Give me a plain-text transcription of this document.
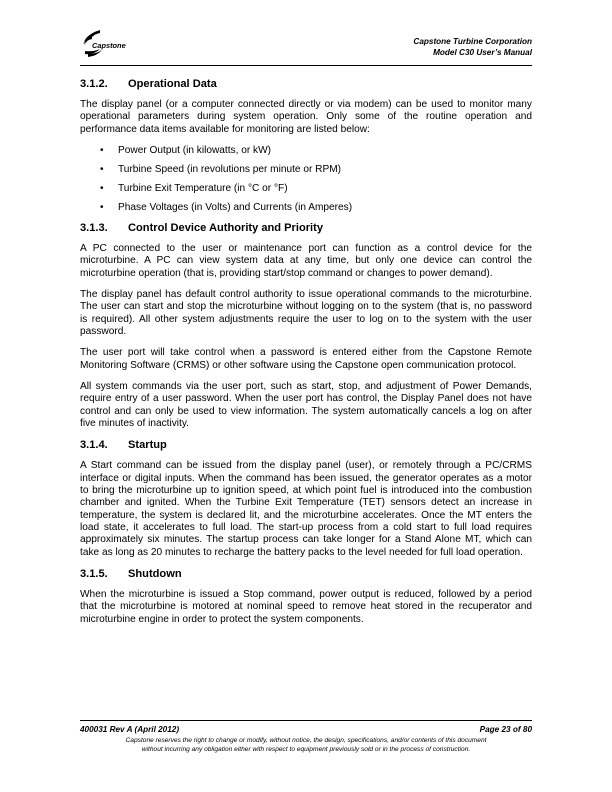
Capstone	Capstone Turbine Corporation
Model C30 User’s Manual
3.1.2. Operational Data

The display panel (or a computer connected directly or via modem) can be used to monitor many operational parameters during system operation. Only some of the routine operation and performance data items available for monitoring are listed below:

• Power Output (in kilowatts, or kW)
• Turbine Speed (in revolutions per minute or RPM)
• Turbine Exit Temperature (in °C or °F)
• Phase Voltages (in Volts) and Currents (in Amperes)
3.1.3. Control Device Authority and Priority

A PC connected to the user or maintenance port can function as a control device for the microturbine. A PC can view system data at any time, but only one device can control the microturbine operation (that is, providing start/stop command or changes to power demand).

The display panel has default control authority to issue operational commands to the microturbine. The user can start and stop the microturbine without logging on to the system (that is, no password is required). All other system adjustments require the user to log on to the system with the user password.

The user port will take control when a password is entered either from the Capstone Remote Monitoring Software (CRMS) or other software using the Capstone open communication protocol.

All system commands via the user port, such as start, stop, and adjustment of Power Demands, require entry of a user password. When the user port has control, the Display Panel does not have control and can only be used to view information. The system automatically cancels a log on after five minutes of inactivity.

3.1.4. Startup

A Start command can be issued from the display panel (user), or remotely through a PC/CRMS interface or digital inputs. When the command has been issued, the generator operates as a motor to bring the microturbine up to ignition speed, at which point fuel is introduced into the combustion chamber and ignited. When the Turbine Exit Temperature (TET) sensors detect an increase in temperature, the system is declared lit, and the microturbine accelerates. Once the MT enters the load state, it accelerates to full load. The start-up process from a cold start to full load requires approximately six minutes. The startup process can take longer for a Stand Alone MT, which can take as long as 20 minutes to recharge the battery packs to the level needed for full load operation.

3.1.5. Shutdown

When the microturbine is issued a Stop command, power output is reduced, followed by a period that the microturbine is motored at nominal speed to remove heat stored in the recuperator and microturbine engine in order to protect the system components.

400031 Rev A (April 2012)	Page 23 of 80
Capstone reserves the right to change or modify, without notice, the design, specifications, and/or contents of this document
without incurring any obligation either with respect to equipment previously sold or in the process of construction.
